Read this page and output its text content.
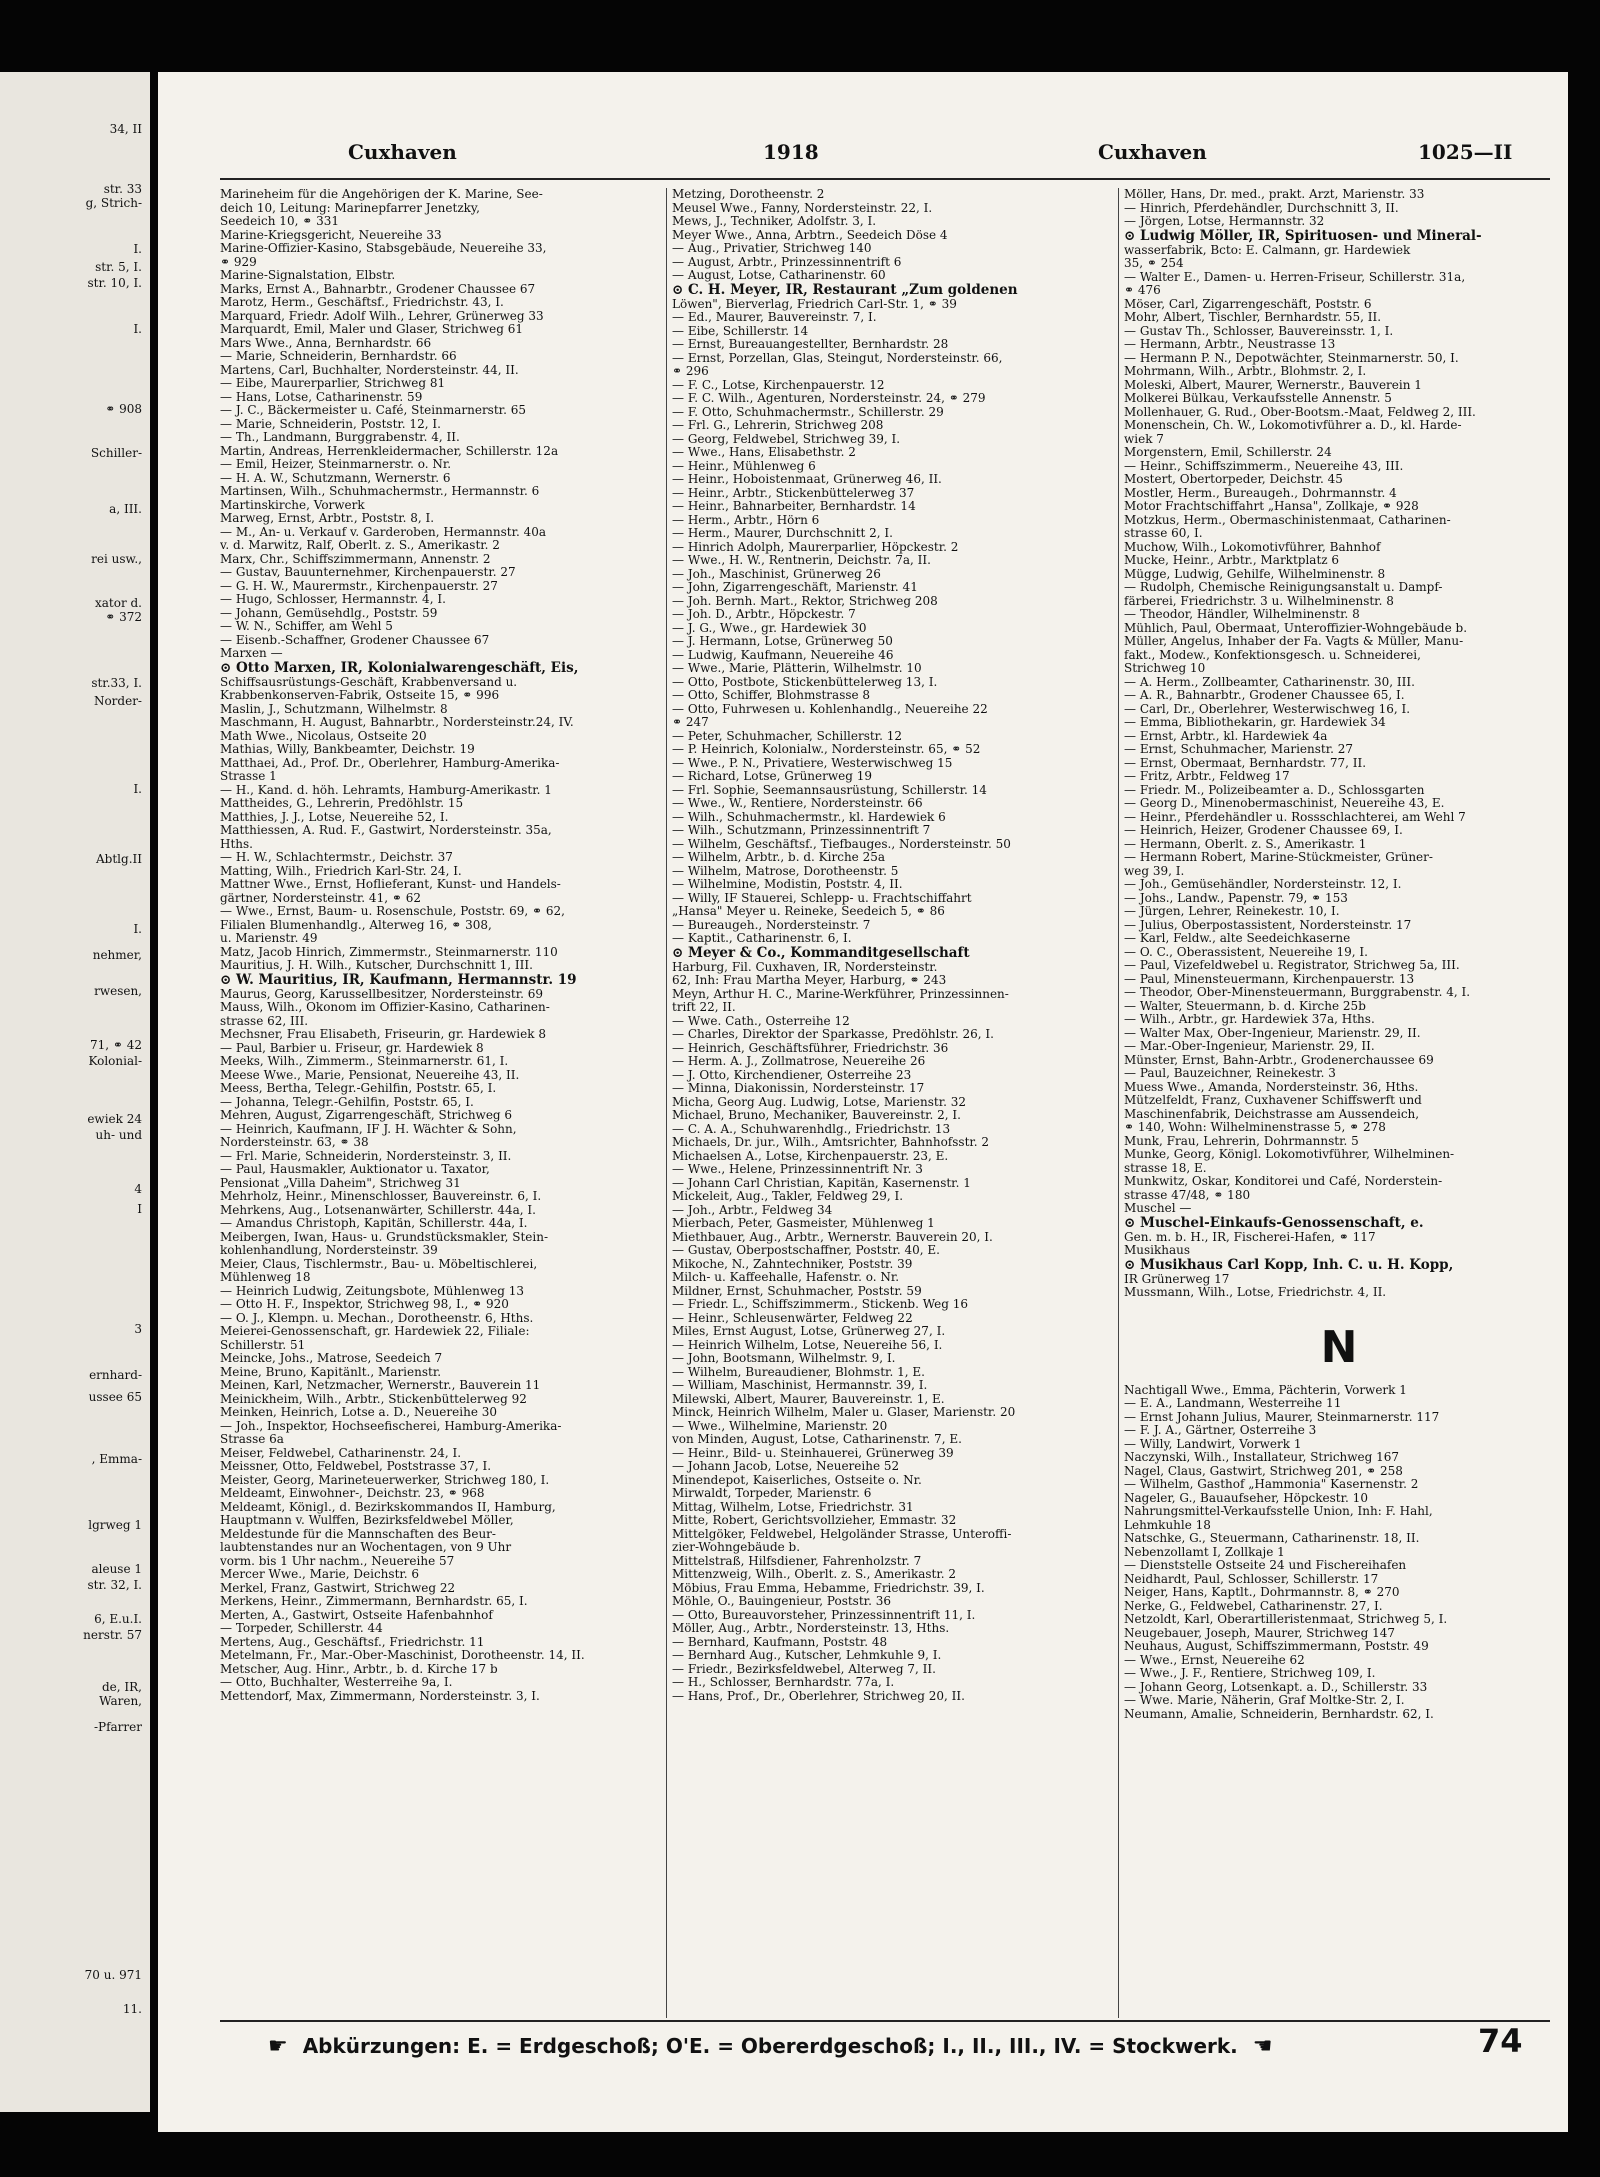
34, II
str. 33
g, Strich-
I.
str. 5, I.
str. 10, I.
I.
⚭ 908
Schiller-
a, III.
rei usw.,
xator d.
⚭ 372
str.33, I.
Norder-
I.
Abtlg.II
I.
nehmer,
rwesen,
71, ⚭ 42
Kolonial-
ewiek 24
uh- und
4
I
3
ernhard-
ussee 65
, Emma-
lgrweg 1
aleuse 1
str. 32, I.
6, E.u.I.
nerstr. 57
de, IR,
Waren,
-Pfarrer
70 u. 971
11.
Cuxhaven	1918	Cuxhaven	1025—II

Marineheim für die Angehörigen der K. Marine, See-

deich 10, Leitung: Marinepfarrer Jenetzky,

Seedeich 10, ⚭ 331

Marine-Kriegsgericht, Neuereihe 33

Marine-Offizier-Kasino, Stabsgebäude, Neuereihe 33,

⚭ 929

Marine-Signalstation, Elbstr.

Marks, Ernst A., Bahnarbtr., Grodener Chaussee 67

Marotz, Herm., Geschäftsf., Friedrichstr. 43, I.

Marquard, Friedr. Adolf Wilh., Lehrer, Grünerweg 33

Marquardt, Emil, Maler und Glaser, Strichweg 61

Mars Wwe., Anna, Bernhardstr. 66

— Marie, Schneiderin, Bernhardstr. 66

Martens, Carl, Buchhalter, Nordersteinstr. 44, II.

— Eibe, Maurerparlier, Strichweg 81

— Hans, Lotse, Catharinenstr. 59

— J. C., Bäckermeister u. Café, Steinmarnerstr. 65

— Marie, Schneiderin, Poststr. 12, I.

— Th., Landmann, Burggrabenstr. 4, II.

Martin, Andreas, Herrenkleidermacher, Schillerstr. 12a

— Emil, Heizer, Steinmarnerstr. o. Nr.

— H. A. W., Schutzmann, Wernerstr. 6

Martinsen, Wilh., Schuhmachermstr., Hermannstr. 6

Martinskirche, Vorwerk

Marweg, Ernst, Arbtr., Poststr. 8, I.

— M., An- u. Verkauf v. Garderoben, Hermannstr. 40a

v. d. Marwitz, Ralf, Oberlt. z. S., Amerikastr. 2

Marx, Chr., Schiffszimmermann, Annenstr. 2

— Gustav, Bauunternehmer, Kirchenpauerstr. 27

— G. H. W., Maurermstr., Kirchenpauerstr. 27

— Hugo, Schlosser, Hermannstr. 4, I.

— Johann, Gemüsehdlg., Poststr. 59

— W. N., Schiffer, am Wehl 5

— Eisenb.-Schaffner, Grodener Chaussee 67

Marxen —

⊙ Otto Marxen, IR, Kolonialwarengeschäft, Eis,

Schiffsausrüstungs-Geschäft, Krabbenversand u.

Krabbenkonserven-Fabrik, Ostseite 15, ⚭ 996

Maslin, J., Schutzmann, Wilhelmstr. 8

Maschmann, H. August, Bahnarbtr., Nordersteinstr.24, IV.

Math Wwe., Nicolaus, Ostseite 20

Mathias, Willy, Bankbeamter, Deichstr. 19

Matthaei, Ad., Prof. Dr., Oberlehrer, Hamburg-Amerika-

Strasse 1

— H., Kand. d. höh. Lehramts, Hamburg-Amerikastr. 1

Mattheides, G., Lehrerin, Predöhlstr. 15

Matthies, J. J., Lotse, Neuereihe 52, I.

Matthiessen, A. Rud. F., Gastwirt, Nordersteinstr. 35a,

Hths.

— H. W., Schlachtermstr., Deichstr. 37

Matting, Wilh., Friedrich Karl-Str. 24, I.

Mattner Wwe., Ernst, Hoflieferant, Kunst- und Handels-

gärtner, Nordersteinstr. 41, ⚭ 62

— Wwe., Ernst, Baum- u. Rosenschule, Poststr. 69, ⚭ 62,

Filialen Blumenhandlg., Alterweg 16, ⚭ 308,

u. Marienstr. 49

Matz, Jacob Hinrich, Zimmermstr., Steinmarnerstr. 110

Mauritius, J. H. Wilh., Kutscher, Durchschnitt 1, III.

⊙ W. Mauritius, IR, Kaufmann, Hermannstr. 19

Maurus, Georg, Karussellbesitzer, Nordersteinstr. 69

Mauss, Wilh., Ökonom im Offizier-Kasino, Catharinen-

strasse 62, III.

Mechsner, Frau Elisabeth, Friseurin, gr. Hardewiek 8

— Paul, Barbier u. Friseur, gr. Hardewiek 8

Meeks, Wilh., Zimmerm., Steinmarnerstr. 61, I.

Meese Wwe., Marie, Pensionat, Neuereihe 43, II.

Meess, Bertha, Telegr.-Gehilfin, Poststr. 65, I.

— Johanna, Telegr.-Gehilfin, Poststr. 65, I.

Mehren, August, Zigarrengeschäft, Strichweg 6

— Heinrich, Kaufmann, IF J. H. Wächter & Sohn,

Nordersteinstr. 63, ⚭ 38

— Frl. Marie, Schneiderin, Nordersteinstr. 3, II.

— Paul, Hausmakler, Auktionator u. Taxator,

Pensionat „Villa Daheim", Strichweg 31

Mehrholz, Heinr., Minenschlosser, Bauvereinstr. 6, I.

Mehrkens, Aug., Lotsenanwärter, Schillerstr. 44a, I.

— Amandus Christoph, Kapitän, Schillerstr. 44a, I.

Meibergen, Iwan, Haus- u. Grundstücksmakler, Stein-

kohlenhandlung, Nordersteinstr. 39

Meier, Claus, Tischlermstr., Bau- u. Möbeltischlerei,

Mühlenweg 18

— Heinrich Ludwig, Zeitungsbote, Mühlenweg 13

— Otto H. F., Inspektor, Strichweg 98, I., ⚭ 920

— O. J., Klempn. u. Mechan., Dorotheenstr. 6, Hths.

Meierei-Genossenschaft, gr. Hardewiek 22, Filiale:

Schillerstr. 51

Meincke, Johs., Matrose, Seedeich 7

Meine, Bruno, Kapitänlt., Marienstr.

Meinen, Karl, Netzmacher, Wernerstr., Bauverein 11

Meinickheim, Wilh., Arbtr., Stickenbüttelerweg 92

Meinken, Heinrich, Lotse a. D., Neuereihe 30

— Joh., Inspektor, Hochseefischerei, Hamburg-Amerika-

Strasse 6a

Meiser, Feldwebel, Catharinenstr. 24, I.

Meissner, Otto, Feldwebel, Poststrasse 37, I.

Meister, Georg, Marineteuerwerker, Strichweg 180, I.

Meldeamt, Einwohner-, Deichstr. 23, ⚭ 968

Meldeamt, Königl., d. Bezirkskommandos II, Hamburg,

Hauptmann v. Wulffen, Bezirksfeldwebel Möller,

Meldestunde für die Mannschaften des Beur-

laubtenstandes nur an Wochentagen, von 9 Uhr

vorm. bis 1 Uhr nachm., Neuereihe 57

Mercer Wwe., Marie, Deichstr. 6

Merkel, Franz, Gastwirt, Strichweg 22

Merkens, Heinr., Zimmermann, Bernhardstr. 65, I.

Merten, A., Gastwirt, Ostseite Hafenbahnhof

— Torpeder, Schillerstr. 44

Mertens, Aug., Geschäftsf., Friedrichstr. 11

Metelmann, Fr., Mar.-Ober-Maschinist, Dorotheenstr. 14, II.

Metscher, Aug. Hinr., Arbtr., b. d. Kirche 17 b

— Otto, Buchhalter, Westerreihe 9a, I.

Mettendorf, Max, Zimmermann, Nordersteinstr. 3, I.

Metzing, Dorotheenstr. 2

Meusel Wwe., Fanny, Nordersteinstr. 22, I.

Mews, J., Techniker, Adolfstr. 3, I.

Meyer Wwe., Anna, Arbtrn., Seedeich Döse 4

— Aug., Privatier, Strichweg 140

— August, Arbtr., Prinzessinnentrift 6

— August, Lotse, Catharinenstr. 60

⊙ C. H. Meyer, IR, Restaurant „Zum goldenen

Löwen", Bierverlag, Friedrich Carl-Str. 1, ⚭ 39

— Ed., Maurer, Bauvereinstr. 7, I.

— Eibe, Schillerstr. 14

— Ernst, Bureauangestellter, Bernhardstr. 28

— Ernst, Porzellan, Glas, Steingut, Nordersteinstr. 66,

⚭ 296

— F. C., Lotse, Kirchenpauerstr. 12

— F. C. Wilh., Agenturen, Nordersteinstr. 24, ⚭ 279

— F. Otto, Schuhmachermstr., Schillerstr. 29

— Frl. G., Lehrerin, Strichweg 208

— Georg, Feldwebel, Strichweg 39, I.

— Wwe., Hans, Elisabethstr. 2

— Heinr., Mühlenweg 6

— Heinr., Hoboistenmaat, Grünerweg 46, II.

— Heinr., Arbtr., Stickenbüttelerweg 37

— Heinr., Bahnarbeiter, Bernhardstr. 14

— Herm., Arbtr., Hörn 6

— Herm., Maurer, Durchschnitt 2, I.

— Hinrich Adolph, Maurerparlier, Höpckestr. 2

— Wwe., H. W., Rentnerin, Deichstr. 7a, II.

— Joh., Maschinist, Grünerweg 26

— John, Zigarrengeschäft, Marienstr. 41

— Joh. Bernh. Mart., Rektor, Strichweg 208

— Joh. D., Arbtr., Höpckestr. 7

— J. G., Wwe., gr. Hardewiek 30

— J. Hermann, Lotse, Grünerweg 50

— Ludwig, Kaufmann, Neuereihe 46

— Wwe., Marie, Plätterin, Wilhelmstr. 10

— Otto, Postbote, Stickenbüttelerweg 13, I.

— Otto, Schiffer, Blohmstrasse 8

— Otto, Fuhrwesen u. Kohlenhandlg., Neuereihe 22

⚭ 247

— Peter, Schuhmacher, Schillerstr. 12

— P. Heinrich, Kolonialw., Nordersteinstr. 65, ⚭ 52

— Wwe., P. N., Privatiere, Westerwischweg 15

— Richard, Lotse, Grünerweg 19

— Frl. Sophie, Seemannsausrüstung, Schillerstr. 14

— Wwe., W., Rentiere, Nordersteinstr. 66

— Wilh., Schuhmachermstr., kl. Hardewiek 6

— Wilh., Schutzmann, Prinzessinnentrift 7

— Wilhelm, Geschäftsf., Tiefbauges., Nordersteinstr. 50

— Wilhelm, Arbtr., b. d. Kirche 25a

— Wilhelm, Matrose, Dorotheenstr. 5

— Wilhelmine, Modistin, Poststr. 4, II.

— Willy, IF Stauerei, Schlepp- u. Frachtschiffahrt

„Hansa" Meyer u. Reineke, Seedeich 5, ⚭ 86

— Bureaugeh., Nordersteinstr. 7

— Kaptit., Catharinenstr. 6, I.

⊙ Meyer & Co., Kommanditgesellschaft

Harburg, Fil. Cuxhaven, IR, Nordersteinstr.

62, Inh: Frau Martha Meyer, Harburg, ⚭ 243

Meyn, Arthur H. C., Marine-Werkführer, Prinzessinnen-

trift 22, II.

— Wwe. Cath., Osterreihe 12

— Charles, Direktor der Sparkasse, Predöhlstr. 26, I.

— Heinrich, Geschäftsführer, Friedrichstr. 36

— Herm. A. J., Zollmatrose, Neuereihe 26

— J. Otto, Kirchendiener, Osterreihe 23

— Minna, Diakonissin, Nordersteinstr. 17

Micha, Georg Aug. Ludwig, Lotse, Marienstr. 32

Michael, Bruno, Mechaniker, Bauvereinstr. 2, I.

— C. A. A., Schuhwarenhdlg., Friedrichstr. 13

Michaels, Dr. jur., Wilh., Amtsrichter, Bahnhofsstr. 2

Michaelsen A., Lotse, Kirchenpauerstr. 23, E.

— Wwe., Helene, Prinzessinnentrift Nr. 3

— Johann Carl Christian, Kapitän, Kasernenstr. 1

Mickeleit, Aug., Takler, Feldweg 29, I.

— Joh., Arbtr., Feldweg 34

Mierbach, Peter, Gasmeister, Mühlenweg 1

Miethbauer, Aug., Arbtr., Wernerstr. Bauverein 20, I.

— Gustav, Oberpostschaffner, Poststr. 40, E.

Mikoche, N., Zahntechniker, Poststr. 39

Milch- u. Kaffeehalle, Hafenstr. o. Nr.

Mildner, Ernst, Schuhmacher, Poststr. 59

— Friedr. L., Schiffszimmerm., Stickenb. Weg 16

— Heinr., Schleusenwärter, Feldweg 22

Miles, Ernst August, Lotse, Grünerweg 27, I.

— Heinrich Wilhelm, Lotse, Neuereihe 56, I.

— John, Bootsmann, Wilhelmstr. 9, I.

— Wilhelm, Bureaudiener, Blohmstr. 1, E.

— William, Maschinist, Hermannstr. 39, I.

Milewski, Albert, Maurer, Bauvereinstr. 1, E.

Minck, Heinrich Wilhelm, Maler u. Glaser, Marienstr. 20

— Wwe., Wilhelmine, Marienstr. 20

von Minden, August, Lotse, Catharinenstr. 7, E.

— Heinr., Bild- u. Steinhauerei, Grünerweg 39

— Johann Jacob, Lotse, Neuereihe 52

Minendepot, Kaiserliches, Ostseite o. Nr.

Mirwaldt, Torpeder, Marienstr. 6

Mittag, Wilhelm, Lotse, Friedrichstr. 31

Mitte, Robert, Gerichtsvollzieher, Emmastr. 32

Mittelgöker, Feldwebel, Helgoländer Strasse, Unteroffi-

zier-Wohngebäude b.

Mittelstraß, Hilfsdiener, Fahrenholzstr. 7

Mittenzweig, Wilh., Oberlt. z. S., Amerikastr. 2

Möbius, Frau Emma, Hebamme, Friedrichstr. 39, I.

Möhle, O., Bauingenieur, Poststr. 36

— Otto, Bureauvorsteher, Prinzessinnentrift 11, I.

Möller, Aug., Arbtr., Nordersteinstr. 13, Hths.

— Bernhard, Kaufmann, Poststr. 48

— Bernhard Aug., Kutscher, Lehmkuhle 9, I.

— Friedr., Bezirksfeldwebel, Alterweg 7, II.

— H., Schlosser, Bernhardstr. 77a, I.

— Hans, Prof., Dr., Oberlehrer, Strichweg 20, II.

Möller, Hans, Dr. med., prakt. Arzt, Marienstr. 33

— Hinrich, Pferdehändler, Durchschnitt 3, II.

— Jörgen, Lotse, Hermannstr. 32

⊙ Ludwig Möller, IR, Spirituosen- und Mineral-

wasserfabrik, Bcto: E. Calmann, gr. Hardewiek

35, ⚭ 254

— Walter E., Damen- u. Herren-Friseur, Schillerstr. 31a,

⚭ 476

Möser, Carl, Zigarrengeschäft, Poststr. 6

Mohr, Albert, Tischler, Bernhardstr. 55, II.

— Gustav Th., Schlosser, Bauvereinsstr. 1, I.

— Hermann, Arbtr., Neustrasse 13

— Hermann P. N., Depotwächter, Steinmarnerstr. 50, I.

Mohrmann, Wilh., Arbtr., Blohmstr. 2, I.

Moleski, Albert, Maurer, Wernerstr., Bauverein 1

Molkerei Bülkau, Verkaufsstelle Annenstr. 5

Mollenhauer, G. Rud., Ober-Bootsm.-Maat, Feldweg 2, III.

Monenschein, Ch. W., Lokomotivführer a. D., kl. Harde-

wiek 7

Morgenstern, Emil, Schillerstr. 24

— Heinr., Schiffszimmerm., Neuereihe 43, III.

Mostert, Obertorpeder, Deichstr. 45

Mostler, Herm., Bureaugeh., Dohrmannstr. 4

Motor Frachtschiffahrt „Hansa", Zollkaje, ⚭ 928

Motzkus, Herm., Obermaschinistenmaat, Catharinen-

strasse 60, I.

Muchow, Wilh., Lokomotivführer, Bahnhof

Mucke, Heinr., Arbtr., Marktplatz 6

Mügge, Ludwig, Gehilfe, Wilhelminenstr. 8

— Rudolph, Chemische Reinigungsanstalt u. Dampf-

färberei, Friedrichstr. 3 u. Wilhelminenstr. 8

— Theodor, Händler, Wilhelminenstr. 8

Mühlich, Paul, Obermaat, Unteroffizier-Wohngebäude b.

Müller, Angelus, Inhaber der Fa. Vagts & Müller, Manu-

fakt., Modew., Konfektionsgesch. u. Schneiderei,

Strichweg 10

— A. Herm., Zollbeamter, Catharinenstr. 30, III.

— A. R., Bahnarbtr., Grodener Chaussee 65, I.

— Carl, Dr., Oberlehrer, Westerwischweg 16, I.

— Emma, Bibliothekarin, gr. Hardewiek 34

— Ernst, Arbtr., kl. Hardewiek 4a

— Ernst, Schuhmacher, Marienstr. 27

— Ernst, Obermaat, Bernhardstr. 77, II.

— Fritz, Arbtr., Feldweg 17

— Friedr. M., Polizeibeamter a. D., Schlossgarten

— Georg D., Minenobermaschinist, Neuereihe 43, E.

— Heinr., Pferdehändler u. Rossschlachterei, am Wehl 7

— Heinrich, Heizer, Grodener Chaussee 69, I.

— Hermann, Oberlt. z. S., Amerikastr. 1

— Hermann Robert, Marine-Stückmeister, Grüner-

weg 39, I.

— Joh., Gemüsehändler, Nordersteinstr. 12, I.

— Johs., Landw., Papenstr. 79, ⚭ 153

— Jürgen, Lehrer, Reinekestr. 10, I.

— Julius, Oberpostassistent, Nordersteinstr. 17

— Karl, Feldw., alte Seedeichkaserne

— O. C., Oberassistent, Neuereihe 19, I.

— Paul, Vizefeldwebel u. Registrator, Strichweg 5a, III.

— Paul, Minensteuermann, Kirchenpauerstr. 13

— Theodor, Ober-Minensteuermann, Burggrabenstr. 4, I.

— Walter, Steuermann, b. d. Kirche 25b

— Wilh., Arbtr., gr. Hardewiek 37a, Hths.

— Walter Max, Ober-Ingenieur, Marienstr. 29, II.

— Mar.-Ober-Ingenieur, Marienstr. 29, II.

Münster, Ernst, Bahn-Arbtr., Grodenerchaussee 69

— Paul, Bauzeichner, Reinekestr. 3

Muess Wwe., Amanda, Nordersteinstr. 36, Hths.

Mützelfeldt, Franz, Cuxhavener Schiffswerft und

Maschinenfabrik, Deichstrasse am Aussendeich,

⚭ 140, Wohn: Wilhelminenstrasse 5, ⚭ 278

Munk, Frau, Lehrerin, Dohrmannstr. 5

Munke, Georg, Königl. Lokomotivführer, Wilhelminen-

strasse 18, E.

Munkwitz, Oskar, Konditorei und Café, Norderstein-

strasse 47/48, ⚭ 180

Muschel —

⊙ Muschel-Einkaufs-Genossenschaft, e.

Gen. m. b. H., IR, Fischerei-Hafen, ⚭ 117

Musikhaus

⊙ Musikhaus Carl Kopp, Inh. C. u. H. Kopp,

IR Grünerweg 17

Mussmann, Wilh., Lotse, Friedrichstr. 4, II.

N

Nachtigall Wwe., Emma, Pächterin, Vorwerk 1

— E. A., Landmann, Westerreihe 11

— Ernst Johann Julius, Maurer, Steinmarnerstr. 117

— F. J. A., Gärtner, Osterreihe 3

— Willy, Landwirt, Vorwerk 1

Naczynski, Wilh., Installateur, Strichweg 167

Nagel, Claus, Gastwirt, Strichweg 201, ⚭ 258

— Wilhelm, Gasthof „Hammonia" Kasernenstr. 2

Nageler, G., Bauaufseher, Höpckestr. 10

Nahrungsmittel-Verkaufsstelle Union, Inh: F. Hahl,

Lehmkuhle 18

Natschke, G., Steuermann, Catharinenstr. 18, II.

Nebenzollamt I, Zollkaje 1

— Dienststelle Ostseite 24 und Fischereihafen

Neidhardt, Paul, Schlosser, Schillerstr. 17

Neiger, Hans, Kaptlt., Dohrmannstr. 8, ⚭ 270

Nerke, G., Feldwebel, Catharinenstr. 27, I.

Netzoldt, Karl, Oberartilleristenmaat, Strichweg 5, I.

Neugebauer, Joseph, Maurer, Strichweg 147

Neuhaus, August, Schiffszimmermann, Poststr. 49

— Wwe., Ernst, Neuereihe 62

— Wwe., J. F., Rentiere, Strichweg 109, I.

— Johann Georg, Lotsenkapt. a. D., Schillerstr. 33

— Wwe. Marie, Näherin, Graf Moltke-Str. 2, I.

Neumann, Amalie, Schneiderin, Bernhardstr. 62, I.

☛ Abkürzungen: E. = Erdgeschoß; O'E. = Obererdgeschoß; I., II., III., IV. = Stockwerk. ☚	74
